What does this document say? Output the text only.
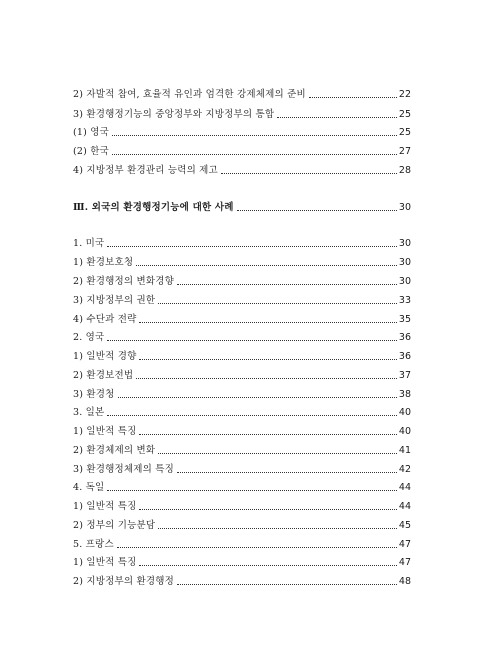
2) 자발적 참여, 효율적 유인과 엄격한 강제체제의 준비	22
3) 환경행정기능의 중앙정부와 지방정부의 통합	25
(1) 영국	25
(2) 한국	27
4) 지방정부 환경관리 능력의 제고	28
Ⅲ. 외국의 환경행정기능에 대한 사례	30
1. 미국	30
1) 환경보호청	30
2) 환경행정의 변화경향	30
3) 지방정부의 권한	33
4) 수단과 전략	35
2. 영국	36
1) 일반적 경향	36
2) 환경보전법	37
3) 환경청	38
3. 일본	40
1) 일반적 특징	40
2) 환경체제의 변화	41
3) 환경행정체제의 특징	42
4. 독일	44
1) 일반적 특징	44
2) 정부의 기능분담	45
5. 프랑스	47
1) 일반적 특징	47
2) 지방정부의 환경행정	48
